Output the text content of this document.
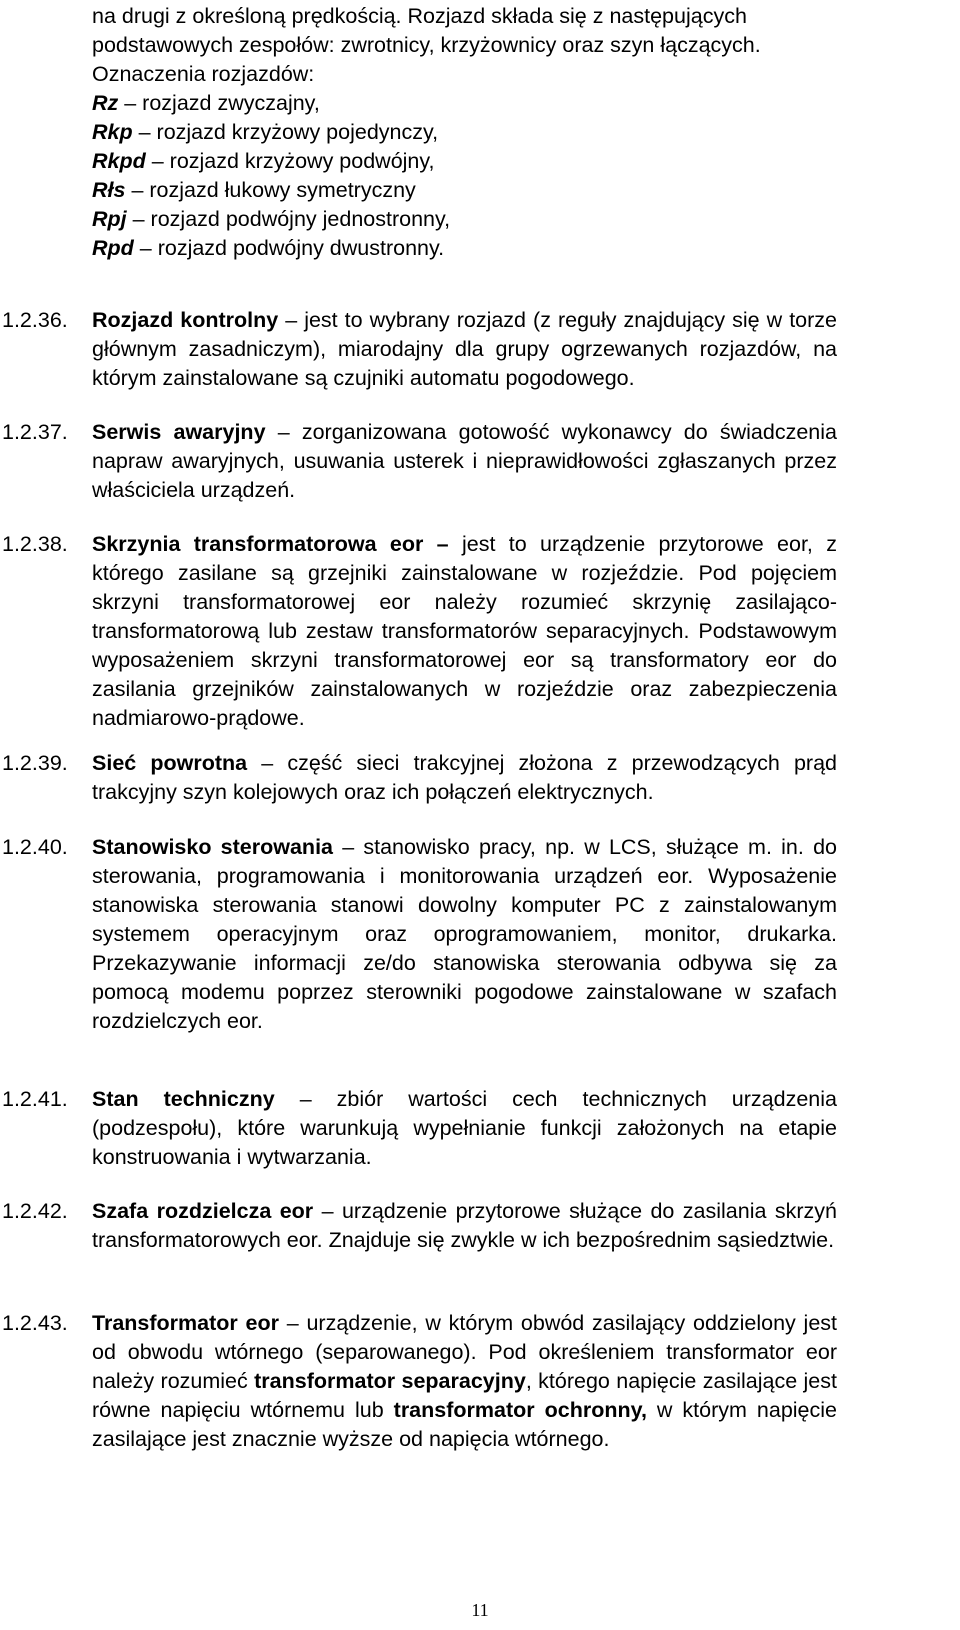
na drugi z określoną prędkością. Rozjazd składa się z następujących
podstawowych zespołów: zwrotnicy, krzyżownicy oraz szyn łączących.
Oznaczenia rozjazdów:
Rz – rozjazd zwyczajny,
Rkp – rozjazd krzyżowy pojedynczy,
Rkpd – rozjazd krzyżowy podwójny,
Rłs – rozjazd łukowy symetryczny
Rpj – rozjazd podwójny jednostronny,
Rpd – rozjazd podwójny dwustronny.
1.2.36. Rozjazd kontrolny – jest to wybrany rozjazd (z reguły znajdujący się w torze głównym zasadniczym), miarodajny dla grupy ogrzewanych rozjazdów, na którym zainstalowane są czujniki automatu pogodowego.
1.2.37. Serwis awaryjny – zorganizowana gotowość wykonawcy do świadczenia napraw awaryjnych, usuwania usterek i nieprawidłowości zgłaszanych przez właściciela urządzeń.
1.2.38. Skrzynia transformatorowa eor – jest to urządzenie przytorowe eor, z którego zasilane są grzejniki zainstalowane w rozjeździe. Pod pojęciem skrzyni transformatorowej eor należy rozumieć skrzynię zasilająco-transformatorową lub zestaw transformatorów separacyjnych. Podstawowym wyposażeniem skrzyni transformatorowej eor są transformatory eor do zasilania grzejników zainstalowanych w rozjeździe oraz zabezpieczenia nadmiarowo-prądowe.
1.2.39. Sieć powrotna – część sieci trakcyjnej złożona z przewodzących prąd trakcyjny szyn kolejowych oraz ich połączeń elektrycznych.
1.2.40. Stanowisko sterowania – stanowisko pracy, np. w LCS, służące m. in. do sterowania, programowania i monitorowania urządzeń eor. Wyposażenie stanowiska sterowania stanowi dowolny komputer PC z zainstalowanym systemem operacyjnym oraz oprogramowaniem, monitor, drukarka. Przekazywanie informacji ze/do stanowiska sterowania odbywa się za pomocą modemu poprzez sterowniki pogodowe zainstalowane w szafach rozdzielczych eor.
1.2.41. Stan techniczny – zbiór wartości cech technicznych urządzenia (podzespołu), które warunkują wypełnianie funkcji założonych na etapie konstruowania i wytwarzania.
1.2.42. Szafa rozdzielcza eor – urządzenie przytorowe służące do zasilania skrzyń transformatorowych eor. Znajduje się zwykle w ich bezpośrednim sąsiedztwie.
1.2.43. Transformator eor – urządzenie, w którym obwód zasilający oddzielony jest od obwodu wtórnego (separowanego). Pod określeniem transformator eor należy rozumieć transformator separacyjny, którego napięcie zasilające jest równe napięciu wtórnemu lub transformator ochronny, w którym napięcie zasilające jest znacznie wyższe od napięcia wtórnego.
11
